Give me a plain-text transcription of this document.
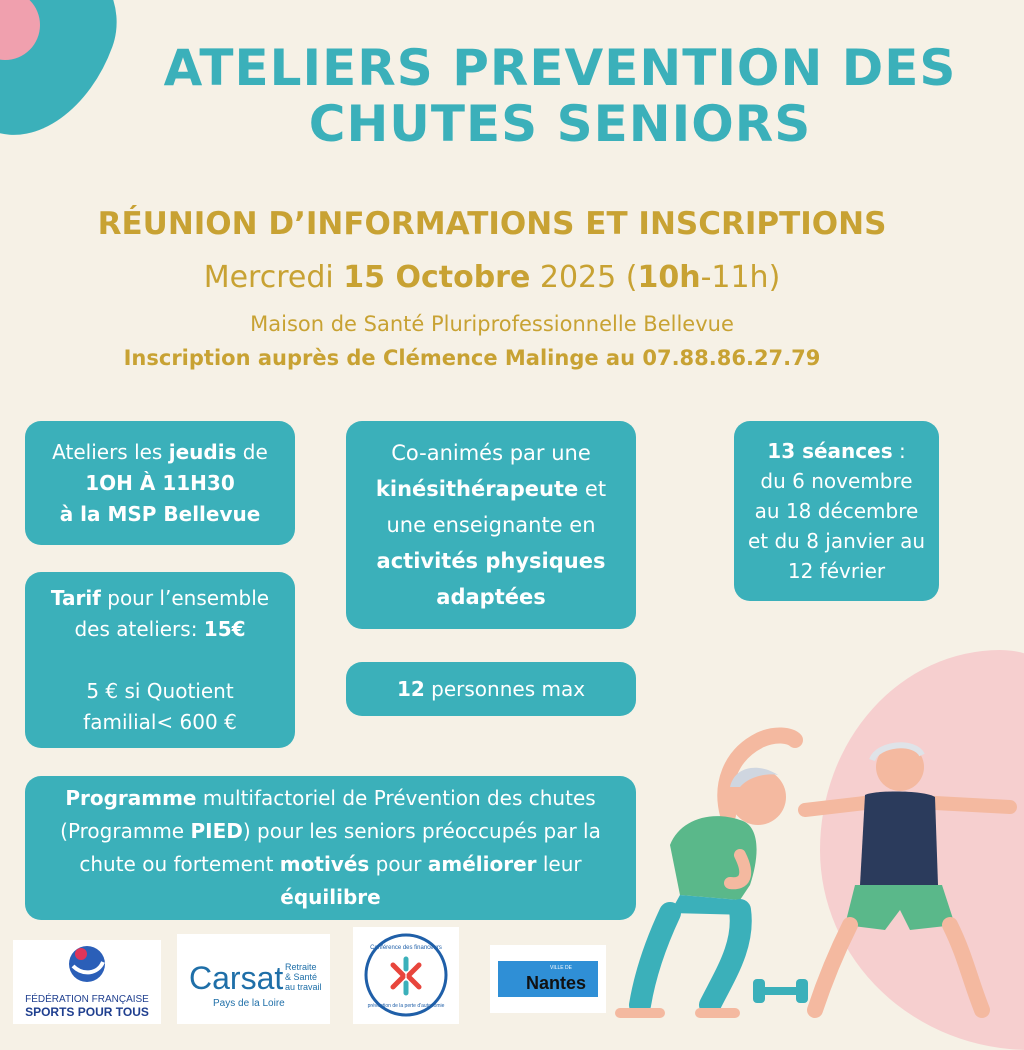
ATELIERS PREVENTION DES
CHUTES SENIORS
RÉUNION D’INFORMATIONS ET INSCRIPTIONS
Mercredi 15 Octobre 2025 (10h-11h)
Maison de Santé Pluriprofessionnelle Bellevue
Inscription auprès de Clémence Malinge au 07.88.86.27.79
Ateliers les jeudis de
1OH À 11H30
à la MSP Bellevue
Tarif pour l’ensemble
des ateliers: 15€
5 € si Quotient
familial< 600 €
Co-animés par une
kinésithérapeute et
une enseignante en
activités physiques
adaptées
12 personnes max
13 séances :
du 6 novembre
au 18 décembre
et du 8 janvier au
12 février
Programme multifactoriel de Prévention des chutes
(Programme PIED) pour les seniors préoccupés par la
chute ou fortement motivés pour améliorer leur
équilibre
FÉDÉRATION FRANÇAISE
SPORTS POUR TOUS
Carsat Retraite
& Santé
au travail
Pays de la Loire
Conférence des financeurs
prévention de la perte d'autonomie
VILLE DE
Nantes
